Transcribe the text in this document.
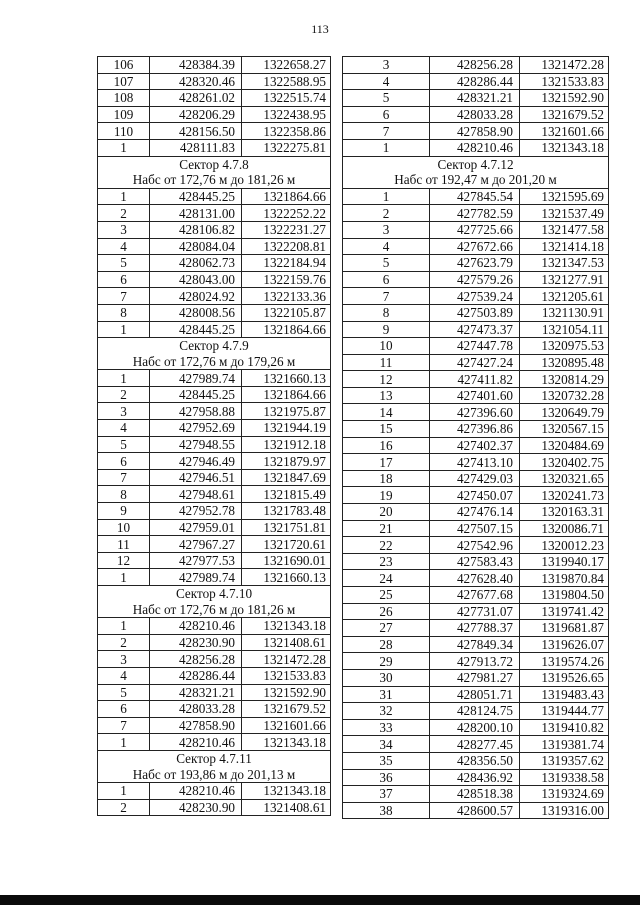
113
106	428384.39	1322658.27
107	428320.46	1322588.95
108	428261.02	1322515.74
109	428206.29	1322438.95
110	428156.50	1322358.86
1	428111.83	1322275.81
Сектор 4.7.8		
Набс от 172,76 м до 181,26 м		
1	428445.25	1321864.66
2	428131.00	1322252.22
3	428106.82	1322231.27
4	428084.04	1322208.81
5	428062.73	1322184.94
6	428043.00	1322159.76
7	428024.92	1322133.36
8	428008.56	1322105.87
1	428445.25	1321864.66
Сектор 4.7.9		
Набс от 172,76 м до 179,26 м		
1	427989.74	1321660.13
2	428445.25	1321864.66
3	427958.88	1321975.87
4	427952.69	1321944.19
5	427948.55	1321912.18
6	427946.49	1321879.97
7	427946.51	1321847.69
8	427948.61	1321815.49
9	427952.78	1321783.48
10	427959.01	1321751.81
11	427967.27	1321720.61
12	427977.53	1321690.01
1	427989.74	1321660.13
Сектор 4.7.10		
Набс от 172,76 м до 181,26 м		
1	428210.46	1321343.18
2	428230.90	1321408.61
3	428256.28	1321472.28
4	428286.44	1321533.83
5	428321.21	1321592.90
6	428033.28	1321679.52
7	427858.90	1321601.66
1	428210.46	1321343.18
Сектор 4.7.11		
Набс от 193,86 м до 201,13 м		
1	428210.46	1321343.18
2	428230.90	1321408.61
3	428256.28	1321472.28
4	428286.44	1321533.83
5	428321.21	1321592.90
6	428033.28	1321679.52
7	427858.90	1321601.66
1	428210.46	1321343.18
Сектор 4.7.12		
Набс от 192,47 м до 201,20 м		
1	427845.54	1321595.69
2	427782.59	1321537.49
3	427725.66	1321477.58
4	427672.66	1321414.18
5	427623.79	1321347.53
6	427579.26	1321277.91
7	427539.24	1321205.61
8	427503.89	1321130.91
9	427473.37	1321054.11
10	427447.78	1320975.53
11	427427.24	1320895.48
12	427411.82	1320814.29
13	427401.60	1320732.28
14	427396.60	1320649.79
15	427396.86	1320567.15
16	427402.37	1320484.69
17	427413.10	1320402.75
18	427429.03	1320321.65
19	427450.07	1320241.73
20	427476.14	1320163.31
21	427507.15	1320086.71
22	427542.96	1320012.23
23	427583.43	1319940.17
24	427628.40	1319870.84
25	427677.68	1319804.50
26	427731.07	1319741.42
27	427788.37	1319681.87
28	427849.34	1319626.07
29	427913.72	1319574.26
30	427981.27	1319526.65
31	428051.71	1319483.43
32	428124.75	1319444.77
33	428200.10	1319410.82
34	428277.45	1319381.74
35	428356.50	1319357.62
36	428436.92	1319338.58
37	428518.38	1319324.69
38	428600.57	1319316.00
